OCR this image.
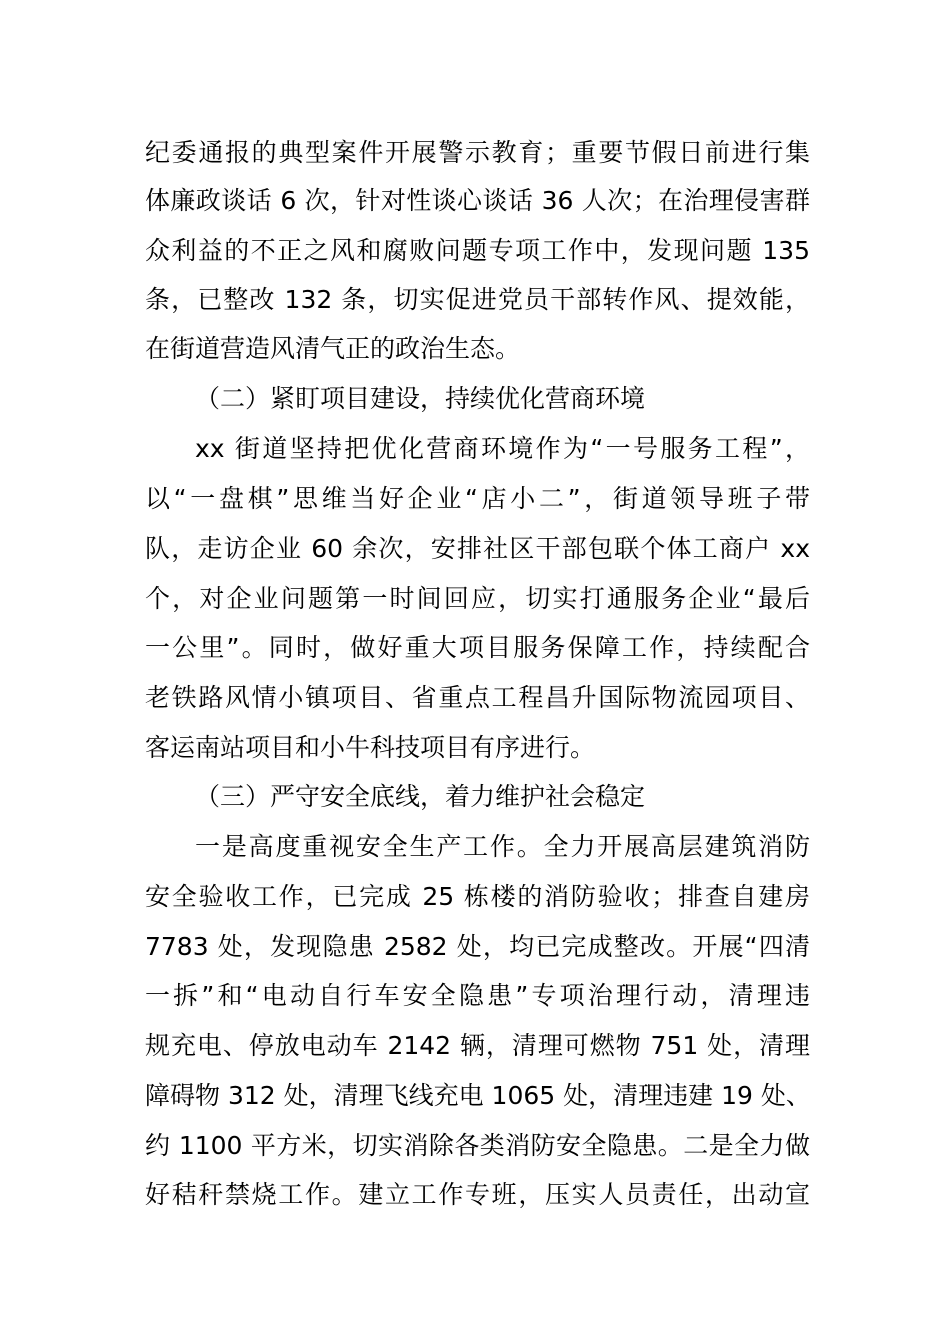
纪委通报的典型案件开展警示教育；重要节假日前进行集
体廉政谈话 6 次，针对性谈心谈话 36 人次；在治理侵害群
众利益的不正之风和腐败问题专项工作中，发现问题 135
条，已整改 132 条，切实促进党员干部转作风、提效能，
在街道营造风清气正的政治生态。
（二）紧盯项目建设，持续优化营商环境
xx 街道坚持把优化营商环境作为“一号服务工程”，
以“一盘棋”思维当好企业“店小二”，街道领导班子带
队，走访企业 60 余次，安排社区干部包联个体工商户 xx
个，对企业问题第一时间回应，切实打通服务企业“最后
一公里”。同时，做好重大项目服务保障工作，持续配合
老铁路风情小镇项目、省重点工程昌升国际物流园项目、
客运南站项目和小牛科技项目有序进行。
（三）严守安全底线，着力维护社会稳定
一是高度重视安全生产工作。全力开展高层建筑消防
安全验收工作，已完成 25 栋楼的消防验收；排查自建房
7783 处，发现隐患 2582 处，均已完成整改。开展“四清
一拆”和“电动自行车安全隐患”专项治理行动，清理违
规充电、停放电动车 2142 辆，清理可燃物 751 处，清理
障碍物 312 处，清理飞线充电 1065 处，清理违建 19 处、
约 1100 平方米，切实消除各类消防安全隐患。二是全力做
好秸秆禁烧工作。建立工作专班，压实人员责任，出动宣
